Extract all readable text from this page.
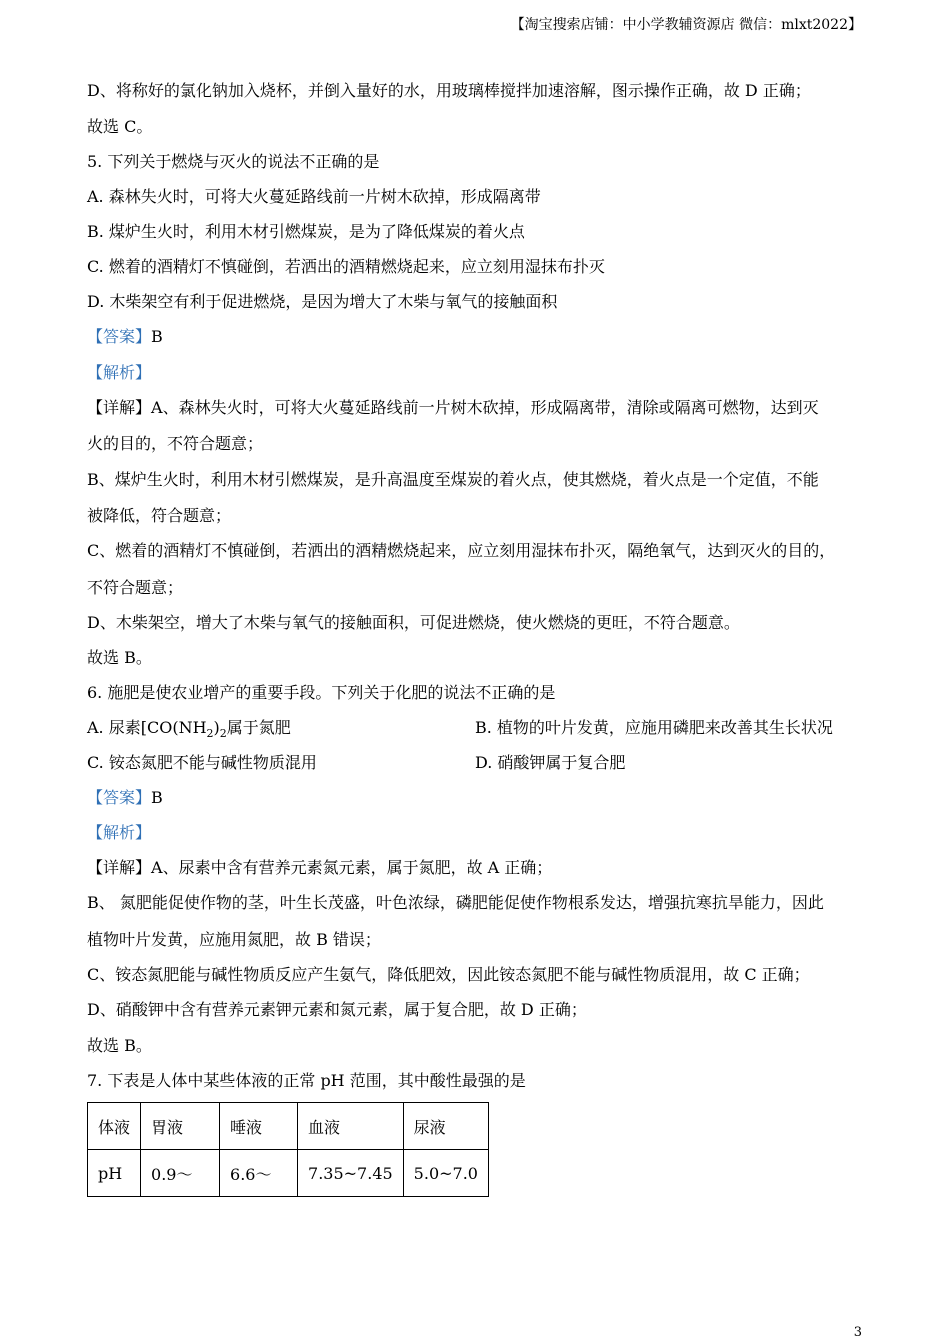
【淘宝搜索店铺：中小学教辅资源店 微信：mlxt2022】
D、将称好的氯化钠加入烧杯，并倒入量好的水，用玻璃棒搅拌加速溶解，图示操作正确，故 D 正确；
故选 C。
5. 下列关于燃烧与灭火的说法不正确的是
A. 森林失火时，可将大火蔓延路线前一片树木砍掉，形成隔离带
B. 煤炉生火时，利用木材引燃煤炭，是为了降低煤炭的着火点
C. 燃着的酒精灯不慎碰倒，若洒出的酒精燃烧起来，应立刻用湿抹布扑灭
D. 木柴架空有利于促进燃烧，是因为增大了木柴与氧气的接触面积
【答案】B
【解析】
【详解】A、森林失火时，可将大火蔓延路线前一片树木砍掉，形成隔离带，清除或隔离可燃物，达到灭
火的目的，不符合题意；
B、煤炉生火时，利用木材引燃煤炭，是升高温度至煤炭的着火点，使其燃烧，着火点是一个定值，不能
被降低，符合题意；
C、燃着的酒精灯不慎碰倒，若洒出的酒精燃烧起来，应立刻用湿抹布扑灭，隔绝氧气，达到灭火的目的，
不符合题意；
D、木柴架空，增大了木柴与氧气的接触面积，可促进燃烧，使火燃烧的更旺，不符合题意。
故选 B。
6. 施肥是使农业增产的重要手段。下列关于化肥的说法不正确的是
A. 尿素[$CO(NH_2)_2$属于氮肥	B. 植物的叶片发黄，应施用磷肥来改善其生长状况
C. 铵态氮肥不能与碱性物质混用	D. 硝酸钾属于复合肥
【答案】B
【解析】
【详解】A、尿素中含有营养元素氮元素，属于氮肥，故 A 正确；
B、 氮肥能促使作物的茎，叶生长茂盛，叶色浓绿，磷肥能促使作物根系发达，增强抗寒抗旱能力，因此
植物叶片发黄，应施用氮肥，故 B 错误；
C、铵态氮肥能与碱性物质反应产生氨气，降低肥效，因此铵态氮肥不能与碱性物质混用，故 C 正确；
D、硝酸钾中含有营养元素钾元素和氮元素，属于复合肥，故 D 正确；
故选 B。
7. 下表是人体中某些体液的正常 pH 范围，其中酸性最强的是
体液	胃液	唾液	血液	尿液
pH	0.9～	6.6～	7.35~7.45	5.0~7.0
3
